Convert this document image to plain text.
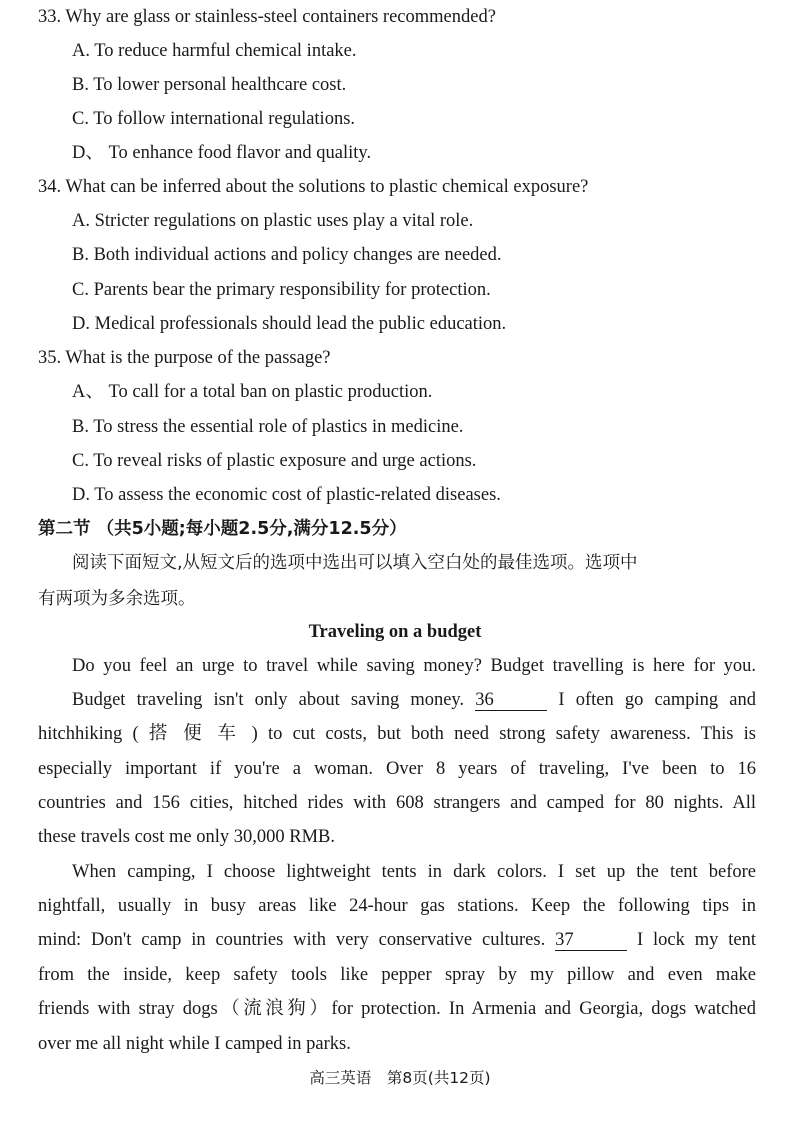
33. Why are glass or stainless-steel containers recommended?
A. To reduce harmful chemical intake.
B. To lower personal healthcare cost.
C. To follow international regulations.
D、 To enhance food flavor and quality.
34. What can be inferred about the solutions to plastic chemical exposure?
A. Stricter regulations on plastic uses play a vital role.
B. Both individual actions and policy changes are needed.
C. Parents bear the primary responsibility for protection.
D. Medical professionals should lead the public education.
35. What is the purpose of the passage?
A、 To call for a total ban on plastic production.
B. To stress the essential role of plastics in medicine.
C. To reveal risks of plastic exposure and urge actions.
D. To assess the economic cost of plastic-related diseases.
第二节 （共5小题;每小题2.5分,满分12.5分）
阅读下面短文,从短文后的选项中选出可以填入空白处的最佳选项。选项中
有两项为多余选项。
Traveling on a budget
Do you feel an urge to travel while saving money? Budget travelling is here for you.
Budget traveling isn't only about saving money. 36	I often go camping and
hitchhiking ( 搭 便 车 ) to cut costs, but both need strong safety awareness. This is
especially important if you're a woman. Over 8 years of traveling, I've been to 16
countries and 156 cities, hitched rides with 608 strangers and camped for 80 nights. All
these travels cost me only 30,000 RMB.
When camping, I choose lightweight tents in dark colors. I set up the tent before
nightfall, usually in busy areas like 24-hour gas stations. Keep the following tips in
mind: Don't camp in countries with very conservative cultures. 37	I lock my tent
from the inside, keep safety tools like pepper spray by my pillow and even make
friends with stray dogs（流浪狗）for protection. In Armenia and Georgia, dogs watched
over me all night while I camped in parks.
高三英语　第8页(共12页)
